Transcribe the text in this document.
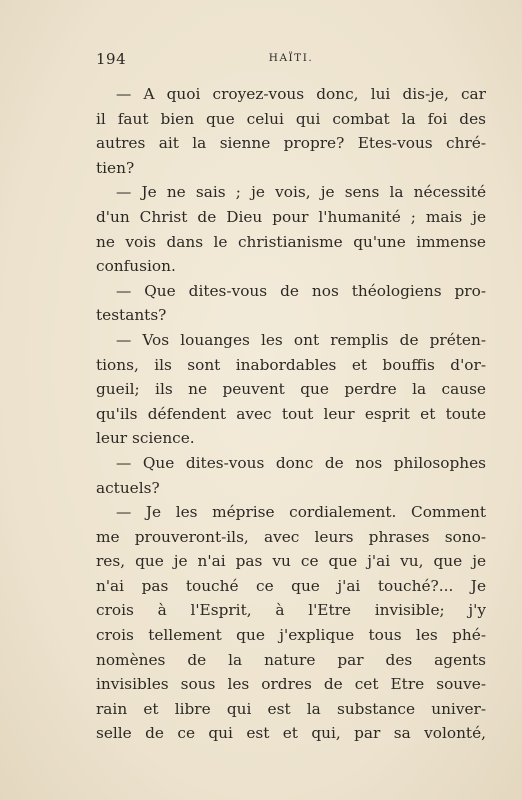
194	HAÏTI.
— A quoi croyez-vous donc, lui dis-je, car
il faut bien que celui qui combat la foi des
autres ait la sienne propre? Etes-vous chré-
tien?
— Je ne sais ; je vois, je sens la nécessité
d'un Christ de Dieu pour l'humanité ; mais je
ne vois dans le christianisme qu'une immense
confusion.
— Que dites-vous de nos théologiens pro-
testants?
— Vos louanges les ont remplis de préten-
tions, ils sont inabordables et bouffis d'or-
gueil; ils ne peuvent que perdre la cause
qu'ils défendent avec tout leur esprit et toute
leur science.
— Que dites-vous donc de nos philosophes
actuels?
— Je les méprise cordialement. Comment
me prouveront-ils, avec leurs phrases sono-
res, que je n'ai pas vu ce que j'ai vu, que je
n'ai pas touché ce que j'ai touché?... Je
crois à l'Esprit, à l'Etre invisible; j'y
crois tellement que j'explique tous les phé-
nomènes de la nature par des agents
invisibles sous les ordres de cet Etre souve-
rain et libre qui est la substance univer-
selle de ce qui est et qui, par sa volonté,
